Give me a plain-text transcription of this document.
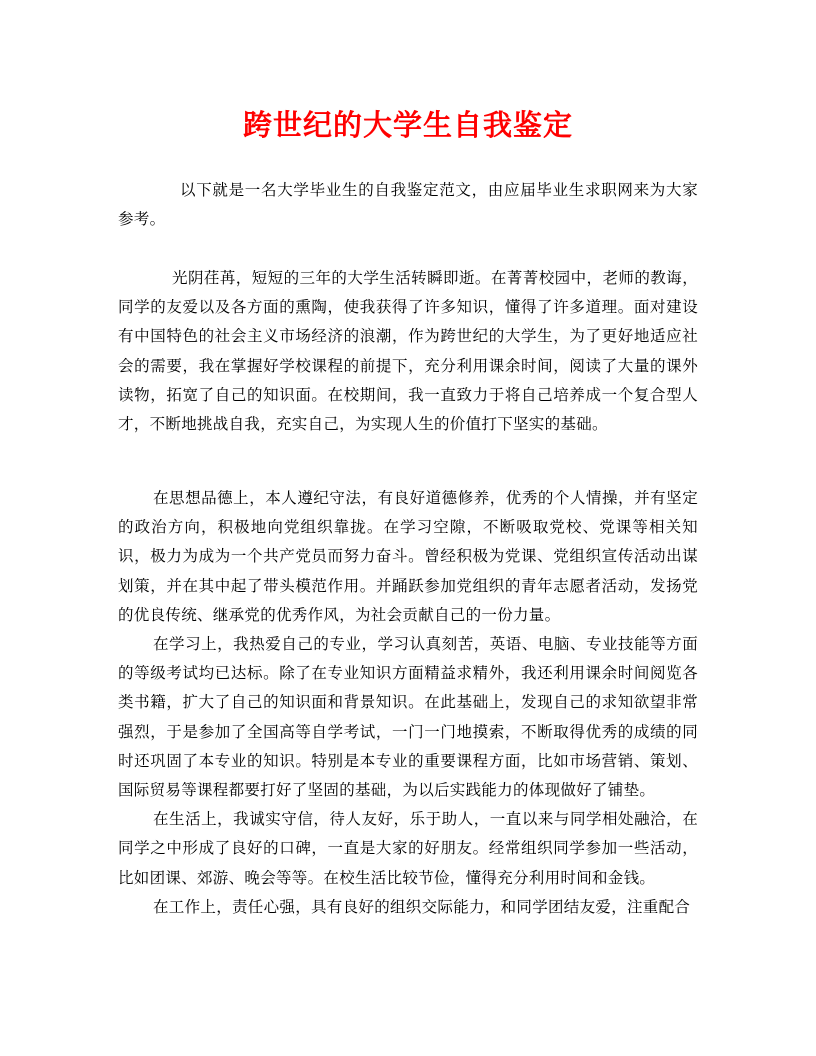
跨世纪的大学生自我鉴定

以下就是一名大学毕业生的自我鉴定范文，由应届毕业生求职网来为大家参考。

光阴荏苒，短短的三年的大学生活转瞬即逝。在菁菁校园中，老师的教诲，同学的友爱以及各方面的熏陶，使我获得了许多知识，懂得了许多道理。面对建设有中国特色的社会主义市场经济的浪潮，作为跨世纪的大学生，为了更好地适应社会的需要，我在掌握好学校课程的前提下，充分利用课余时间，阅读了大量的课外读物，拓宽了自己的知识面。在校期间，我一直致力于将自己培养成一个复合型人才，不断地挑战自我，充实自己，为实现人生的价值打下坚实的基础。

在思想品德上，本人遵纪守法，有良好道德修养，优秀的个人情操，并有坚定的政治方向，积极地向党组织靠拢。在学习空隙，不断吸取党校、党课等相关知识，极力为成为一个共产党员而努力奋斗。曾经积极为党课、党组织宣传活动出谋划策，并在其中起了带头模范作用。并踊跃参加党组织的青年志愿者活动，发扬党的优良传统、继承党的优秀作风，为社会贡献自己的一份力量。

在学习上，我热爱自己的专业，学习认真刻苦，英语、电脑、专业技能等方面的等级考试均已达标。除了在专业知识方面精益求精外，我还利用课余时间阅览各类书籍，扩大了自己的知识面和背景知识。在此基础上，发现自己的求知欲望非常强烈，于是参加了全国高等自学考试，一门一门地摸索，不断取得优秀的成绩的同时还巩固了本专业的知识。特别是本专业的重要课程方面，比如市场营销、策划、国际贸易等课程都要打好了坚固的基础，为以后实践能力的体现做好了铺垫。

在生活上，我诚实守信，待人友好，乐于助人，一直以来与同学相处融洽，在同学之中形成了良好的口碑，一直是大家的好朋友。经常组织同学参加一些活动，比如团课、郊游、晚会等等。在校生活比较节俭，懂得充分利用时间和金钱。

在工作上，责任心强，具有良好的组织交际能力，和同学团结友爱，注重配合
